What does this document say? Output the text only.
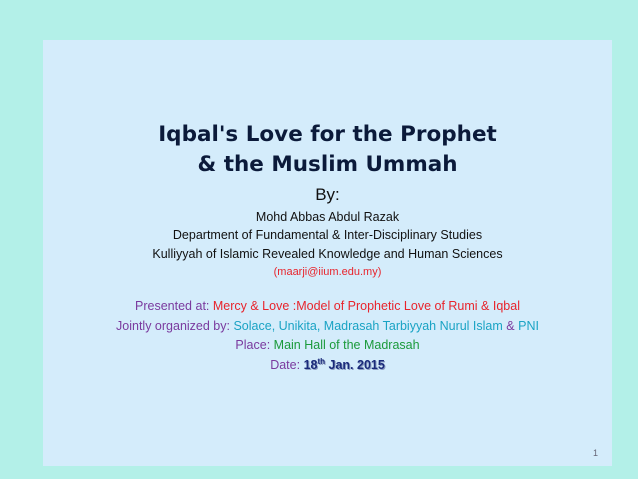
Iqbal's Love for the Prophet
& the Muslim Ummah
By:
Mohd Abbas Abdul Razak
Department of Fundamental & Inter-Disciplinary Studies
Kulliyyah of Islamic Revealed Knowledge and Human Sciences
(maarji@iium.edu.my)
Presented at: Mercy & Love :Model of Prophetic Love of Rumi & Iqbal
Jointly organized by: Solace, Unikita, Madrasah Tarbiyyah Nurul Islam & PNI
Place: Main Hall of the Madrasah
Date: 18th Jan. 2015
1
